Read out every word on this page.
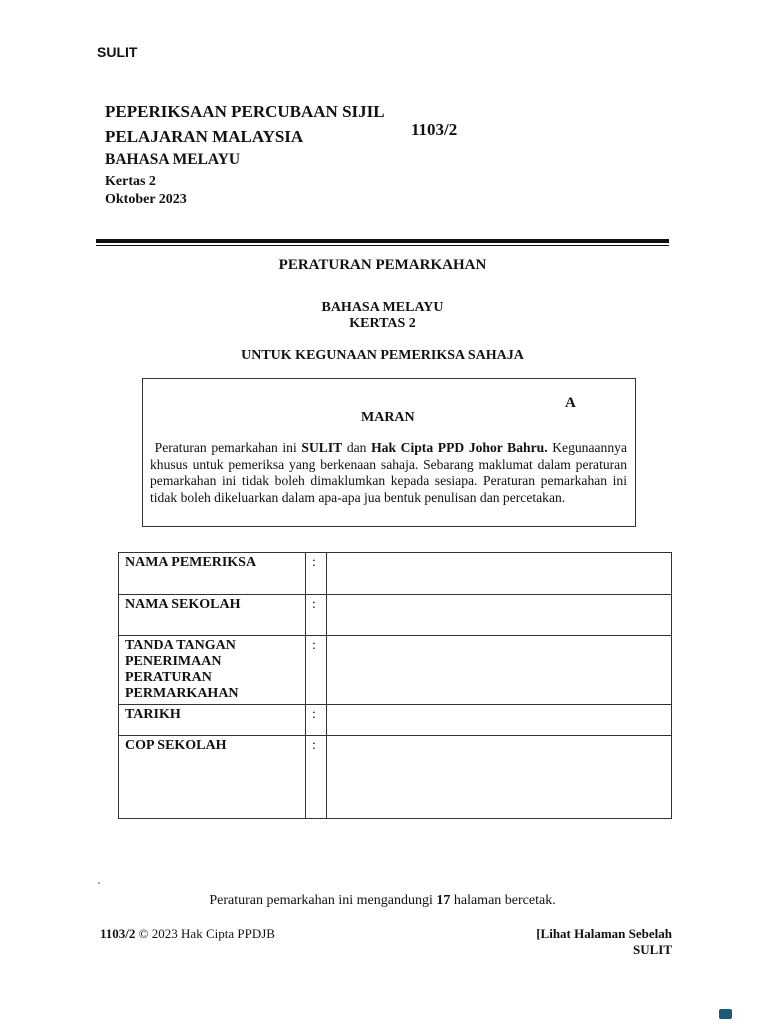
SULIT
PEPERIKSAAN PERCUBAAN SIJIL
PELAJARAN MALAYSIA	1103/2
BAHASA MELAYU
Kertas 2
Oktober 2023
PERATURAN PEMARKAHAN
BAHASA MELAYU
KERTAS 2
UNTUK KEGUNAAN PEMERIKSA SAHAJA
A
MARAN
Peraturan pemarkahan ini SULIT dan Hak Cipta PPD Johor Bahru. Kegunaannya khusus untuk pemeriksa yang berkenaan sahaja. Sebarang maklumat dalam peraturan pemarkahan ini tidak boleh dimaklumkan kepada sesiapa. Peraturan pemarkahan ini tidak boleh dikeluarkan dalam apa-apa jua bentuk penulisan dan percetakan.
NAMA PEMERIKSA	:	
NAMA SEKOLAH	:	
TANDA TANGAN PENERIMAAN PERATURAN PERMARKAHAN	:	
TARIKH	:	
COP SEKOLAH	:	
Peraturan pemarkahan ini mengandungi 17 halaman bercetak.
1103/2 © 2023 Hak Cipta PPDJB	[Lihat Halaman Sebelah
SULIT
